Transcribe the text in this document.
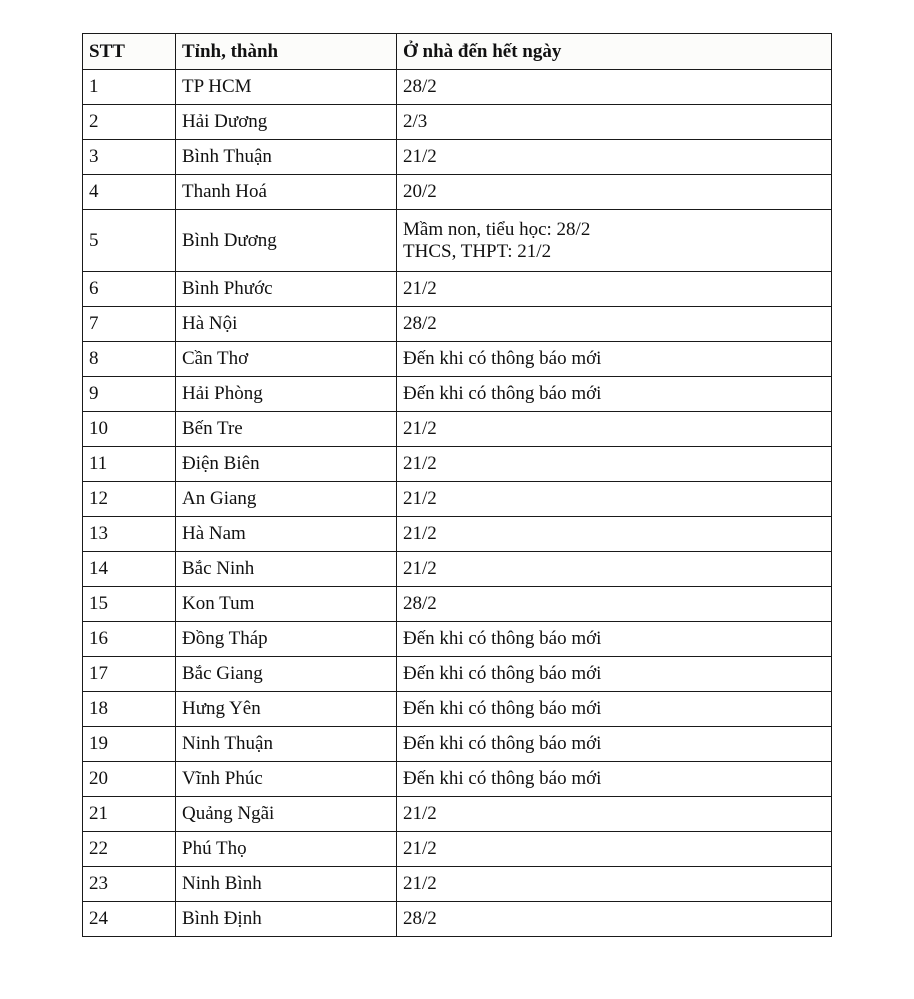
STT	Tỉnh, thành	Ở nhà đến hết ngày
1	TP HCM	28/2

2	Hải Dương	2/3

3	Bình Thuận	21/2

4	Thanh Hoá	20/2

5	Bình Dương	Mầm non, tiểu học: 28/2
THCS, THPT: 21/2

6	Bình Phước	21/2

7	Hà Nội	28/2

8	Cần Thơ	Đến khi có thông báo mới

9	Hải Phòng	Đến khi có thông báo mới

10	Bến Tre	21/2

11	Điện Biên	21/2

12	An Giang	21/2

13	Hà Nam	21/2

14	Bắc Ninh	21/2

15	Kon Tum	28/2

16	Đồng Tháp	Đến khi có thông báo mới

17	Bắc Giang	Đến khi có thông báo mới

18	Hưng Yên	Đến khi có thông báo mới

19	Ninh Thuận	Đến khi có thông báo mới

20	Vĩnh Phúc	Đến khi có thông báo mới

21	Quảng Ngãi	21/2

22	Phú Thọ	21/2

23	Ninh Bình	21/2

24	Bình Định	28/2
